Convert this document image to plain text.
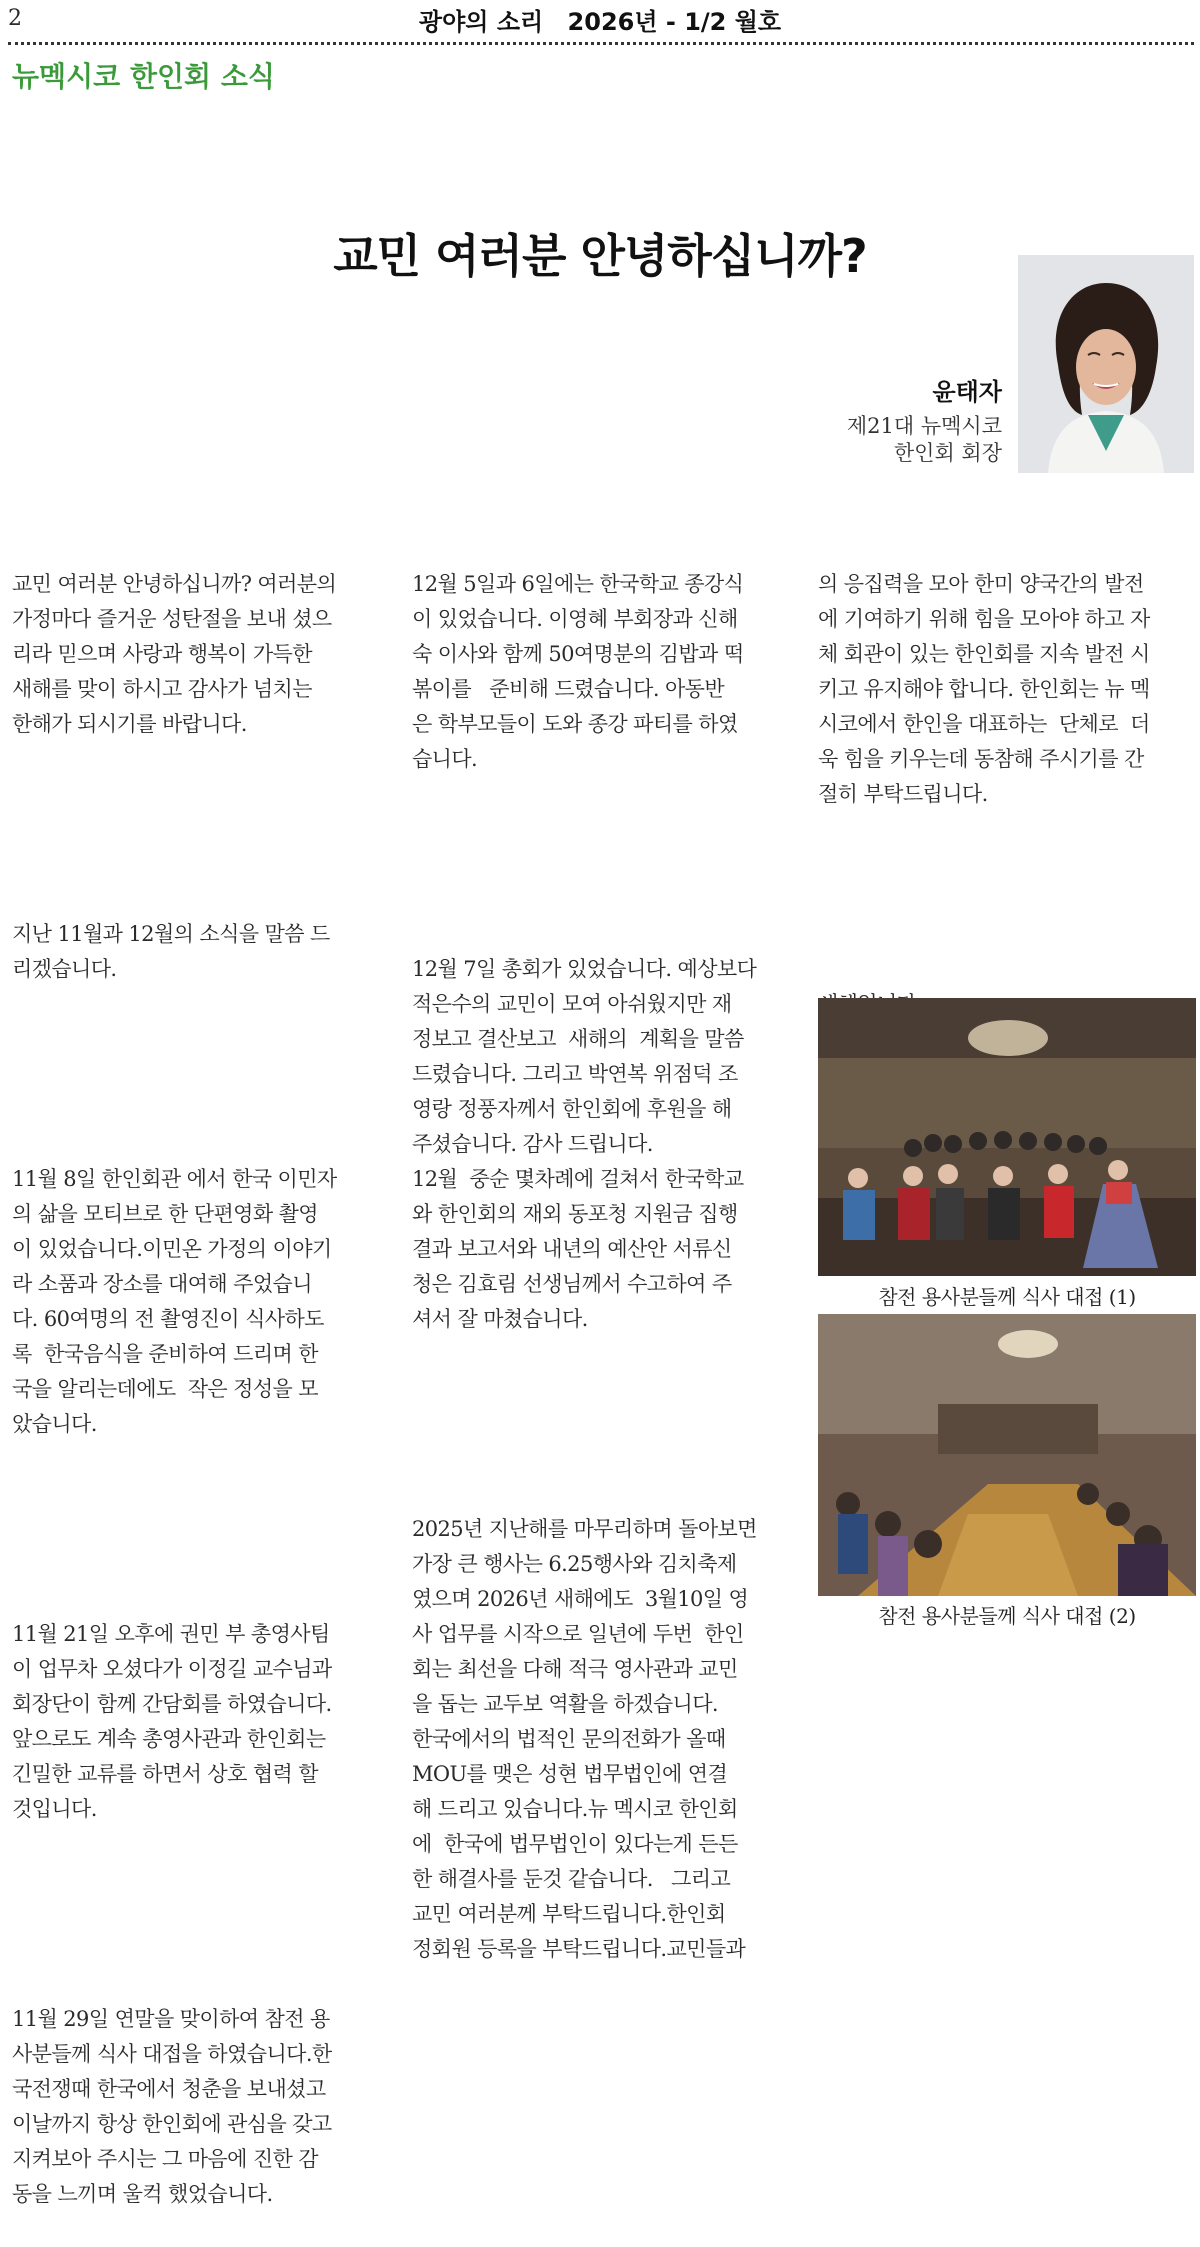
2	광야의 소리 2026년 - 1/2 월호
뉴멕시코 한인회 소식
교민 여러분 안녕하십니까?
윤태자
제21대 뉴멕시코
한인회 회장

교민 여러분 안녕하십니까? 여러분의
가정마다 즐거운 성탄절을 보내 셨으
리라 믿으며 사랑과 행복이 가득한
새해를 맞이 하시고 감사가 넘치는
한해가 되시기를 바랍니다.

지난 11월과 12월의 소식을 말씀 드
리겠습니다.

11월 8일 한인회관 에서 한국 이민자
의 삶을 모티브로 한 단편영화 촬영
이 있었습니다.이민온 가정의 이야기
라 소품과 장소를 대여해 주었습니
다. 60여명의 전 촬영진이 식사하도
록  한국음식을 준비하여 드리며 한
국을 알리는데에도  작은 정성을 모
았습니다.

11월 21일 오후에 권민 부 총영사팀
이 업무차 오셨다가 이정길 교수님과
회장단이 함께 간담회를 하였습니다.
앞으로도 계속 총영사관과 한인회는
긴밀한 교류를 하면서 상호 협력 할
것입니다.

11월 29일 연말을 맞이하여 참전 용
사분들께 식사 대접을 하였습니다.한
국전쟁때 한국에서 청춘을 보내셨고
이날까지 항상 한인회에 관심을 갖고
지켜보아 주시는 그 마음에 진한 감
동을 느끼며 울컥 했었습니다.

12월 5일과 6일에는 한국학교 종강식
이 있었습니다. 이영혜 부회장과 신해
숙 이사와 함께 50여명분의 김밥과 떡
볶이를   준비해 드렸습니다. 아동반
은 학부모들이 도와 종강 파티를 하였
습니다.

12월 7일 총회가 있었습니다. 예상보다
적은수의 교민이 모여 아쉬웠지만 재
정보고 결산보고  새해의  계획을 말씀
드렸습니다. 그리고 박연복 위점덕 조
영랑 정풍자께서 한인회에 후원을 해
주셨습니다. 감사 드립니다.
12월  중순 몇차례에 걸쳐서 한국학교
와 한인회의 재외 동포청 지원금 집행
결과 보고서와 내년의 예산안 서류신
청은 김효림 선생님께서 수고하여 주
셔서 잘 마쳤습니다.

2025년 지난해를 마무리하며 돌아보면
가장 큰 행사는 6.25행사와 김치축제
였으며 2026년 새해에도  3월10일 영
사 업무를 시작으로 일년에 두번  한인
회는 최선을 다해 적극 영사관과 교민
을 돕는 교두보 역활을 하겠습니다.
한국에서의 법적인 문의전화가 올때
MOU를 맺은 성현 법무법인에 연결
해 드리고 있습니다.뉴 멕시코 한인회
에  한국에 법무법인이 있다는게 든든
한 해결사를 둔것 같습니다.   그리고
교민 여러분께 부탁드립니다.한인회
정회원 등록을 부탁드립니다.교민들과

의 응집력을 모아 한미 양국간의 발전
에 기여하기 위해 힘을 모아야 하고 자
체 회관이 있는 한인회를 지속 발전 시
키고 유지해야 합니다. 한인회는 뉴 멕
시코에서 한인을 대표하는  단체로  더
욱 힘을 키우는데 동참해 주시기를 간
절히 부탁드립니다.

참전 용사분들께 식사 대접 (1)
참전 용사분들께 식사 대접 (2)
